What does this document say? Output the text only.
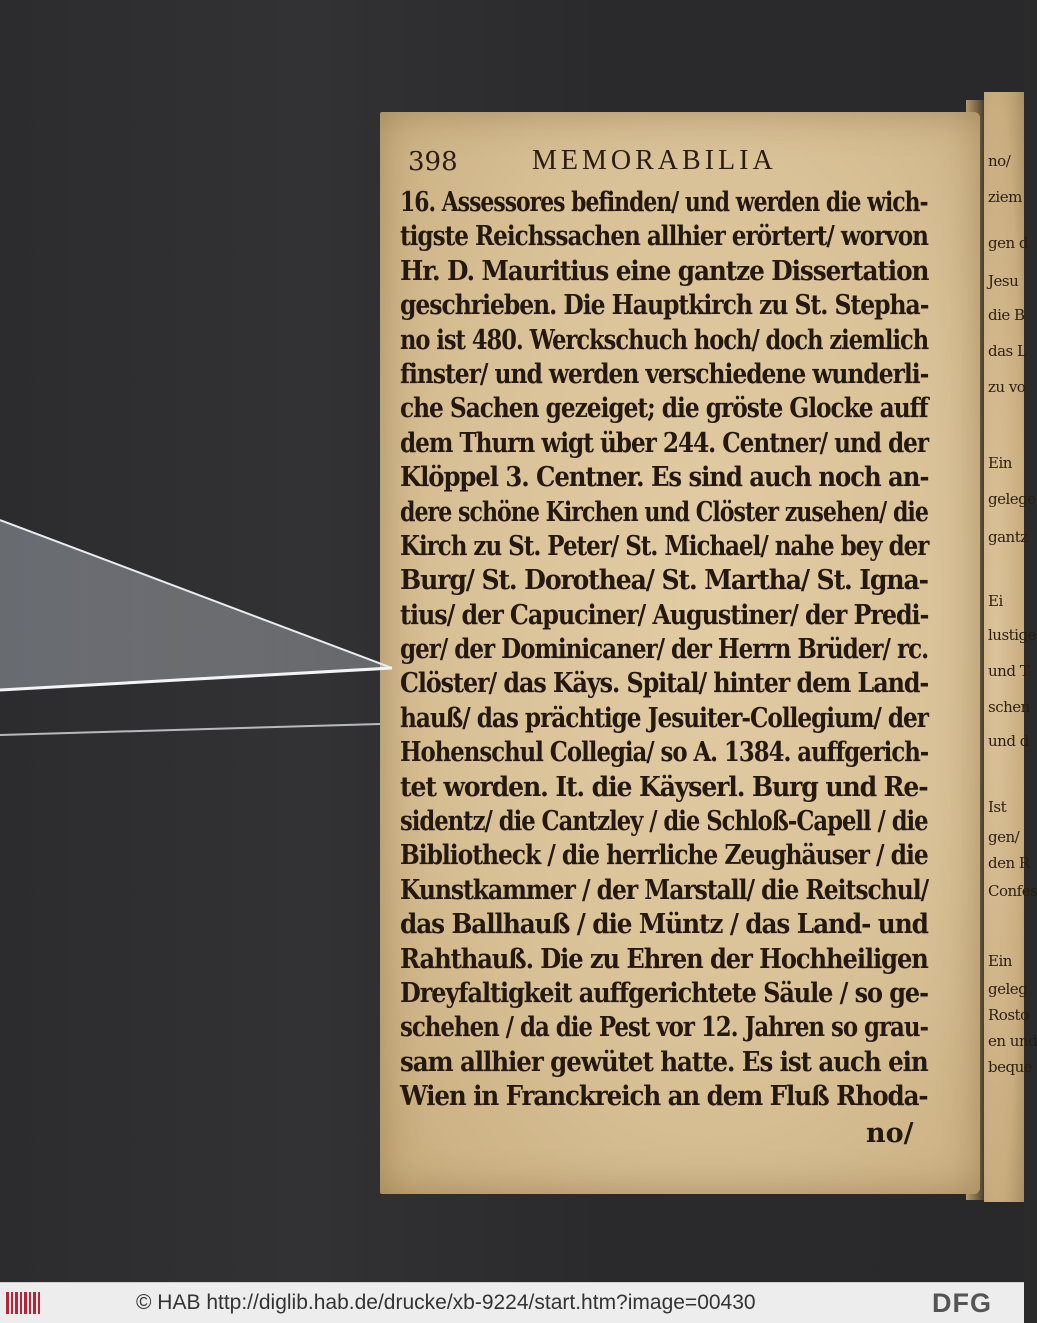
no/
ziem
gen d
Jesu
die B
das L
zu vo
Ein
gelege
gantz
Ei
lustige
und T
schen
und d
Ist
gen/
den R
Confes
Ein
geleg
Rosto
en und
beque
398	MEMORABILIA
16. Assessores befinden/ und werden die wich-
tigste Reichssachen allhier erörtert/ worvon
Hr. D. Mauritius eine gantze Dissertation
geschrieben. Die Hauptkirch zu St. Stepha-
no ist 480. Werckschuch hoch/ doch ziemlich
finster/ und werden verschiedene wunderli-
che Sachen gezeiget; die gröste Glocke auff
dem Thurn wigt über 244. Centner/ und der
Klöppel 3. Centner. Es sind auch noch an-
dere schöne Kirchen und Clöster zusehen/ die
Kirch zu St. Peter/ St. Michael/ nahe bey der
Burg/ St. Dorothea/ St. Martha/ St. Igna-
tius/ der Capuciner/ Augustiner/ der Predi-
ger/ der Dominicaner/ der Herrn Brüder/ rc.
Clöster/ das Käys. Spital/ hinter dem Land-
hauß/ das prächtige Jesuiter-Collegium/ der
Hohenschul Collegia/ so A. 1384. auffgerich-
tet worden. It. die Käyserl. Burg und Re-
sidentz/ die Cantzley / die Schloß-Capell / die
Bibliotheck / die herrliche Zeughäuser / die
Kunstkammer / der Marstall/ die Reitschul/
das Ballhauß / die Müntz / das Land- und
Rahthauß. Die zu Ehren der Hochheiligen
Dreyfaltigkeit auffgerichtete Säule / so ge-
schehen / da die Pest vor 12. Jahren so grau-
sam allhier gewütet hatte. Es ist auch ein
Wien in Franckreich an dem Fluß Rhoda-
no/
© HAB http://diglib.hab.de/drucke/xb-9224/start.htm?image=00430	DFG
